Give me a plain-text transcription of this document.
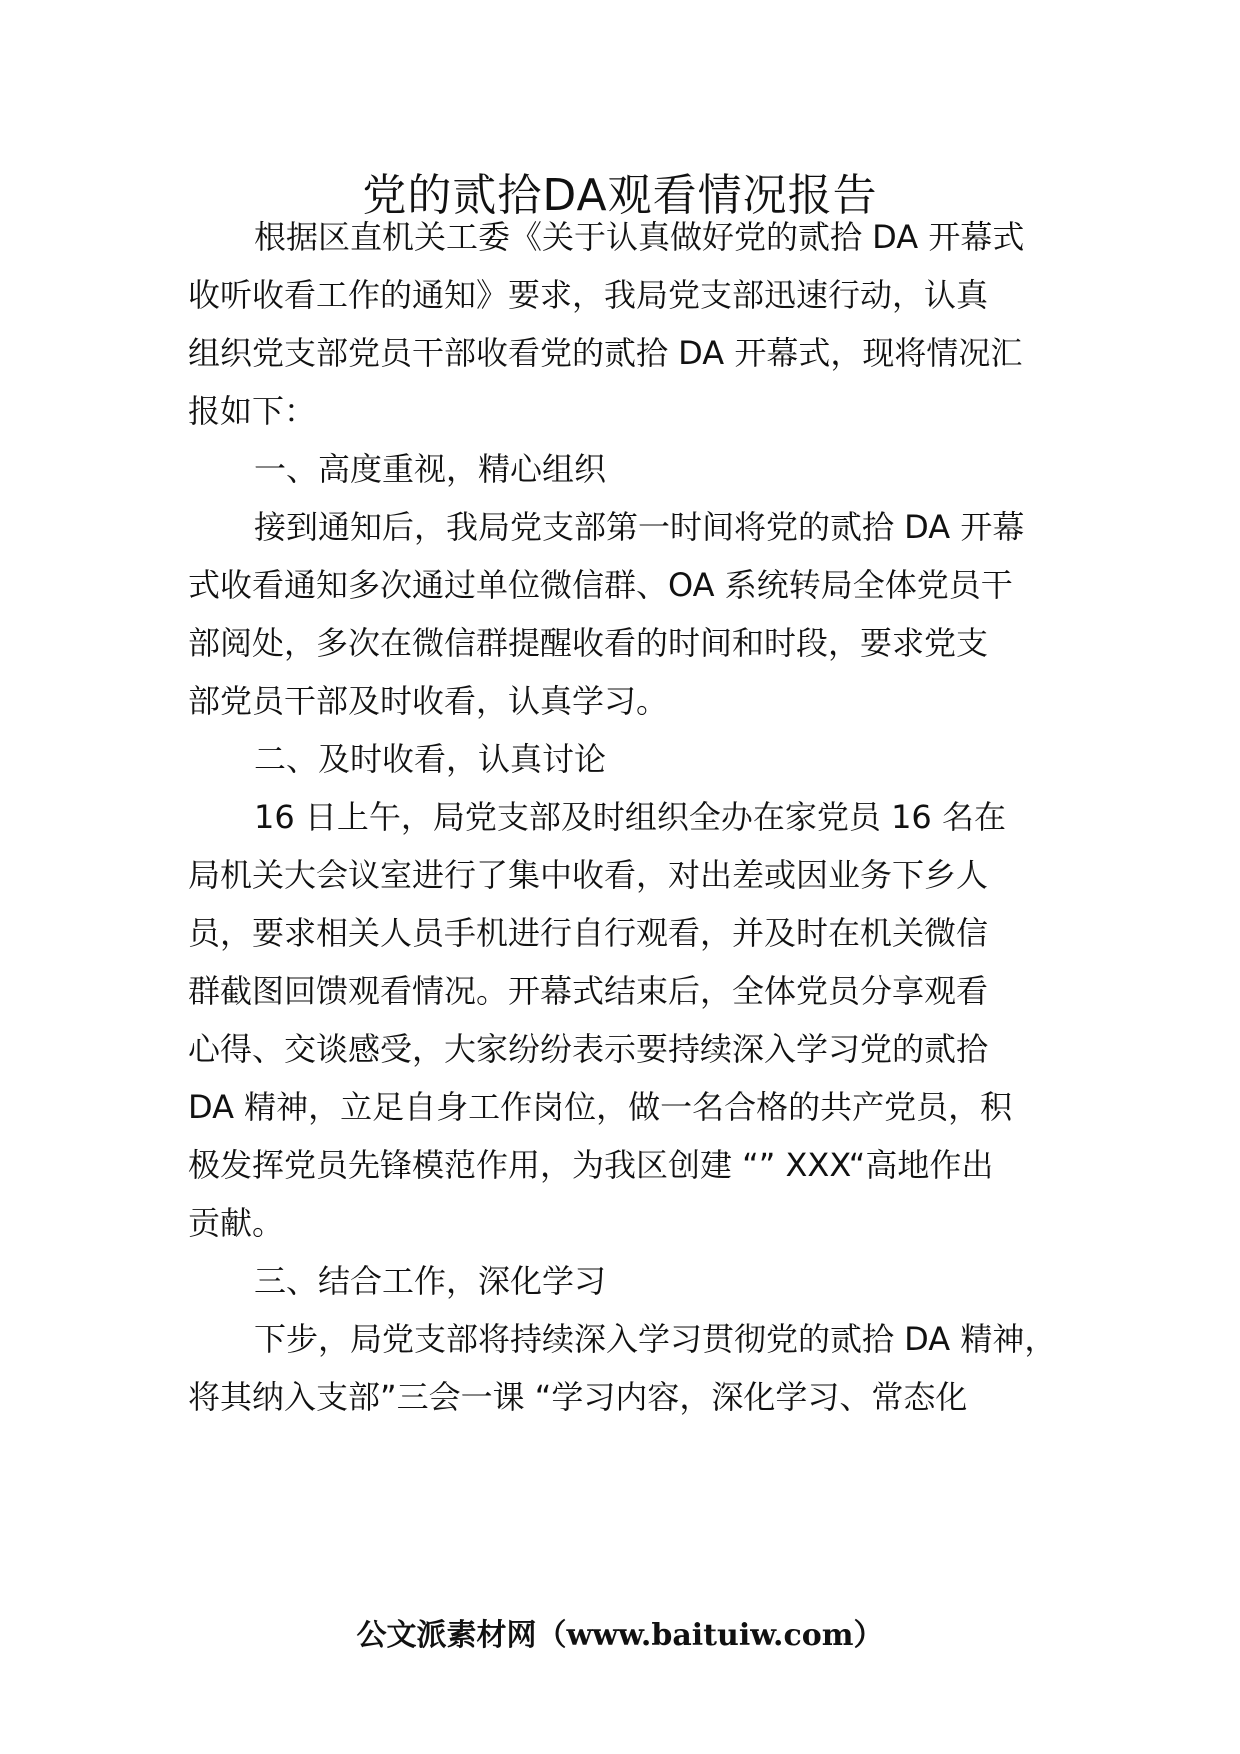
党的贰拾DA观看情况报告
根据区直机关工委《关于认真做好党的贰拾 DA 开幕式
收听收看工作的通知》要求，我局党支部迅速行动，认真
组织党支部党员干部收看党的贰拾 DA 开幕式，现将情况汇
报如下：
一、高度重视，精心组织
接到通知后，我局党支部第一时间将党的贰拾 DA 开幕
式收看通知多次通过单位微信群、OA 系统转局全体党员干
部阅处，多次在微信群提醒收看的时间和时段，要求党支
部党员干部及时收看，认真学习。
二、及时收看，认真讨论
16 日上午，局党支部及时组织全办在家党员 16 名在
局机关大会议室进行了集中收看，对出差或因业务下乡人
员，要求相关人员手机进行自行观看，并及时在机关微信
群截图回馈观看情况。开幕式结束后，全体党员分享观看
心得、交谈感受，大家纷纷表示要持续深入学习党的贰拾
DA 精神，立足自身工作岗位，做一名合格的共产党员，积
极发挥党员先锋模范作用，为我区创建 “” XXX“高地作出
贡献。
三、结合工作，深化学习
下步，局党支部将持续深入学习贯彻党的贰拾 DA 精神，
将其纳入支部”三会一课 “学习内容，深化学习、常态化
公文派素材网（www.baituiw.com）
